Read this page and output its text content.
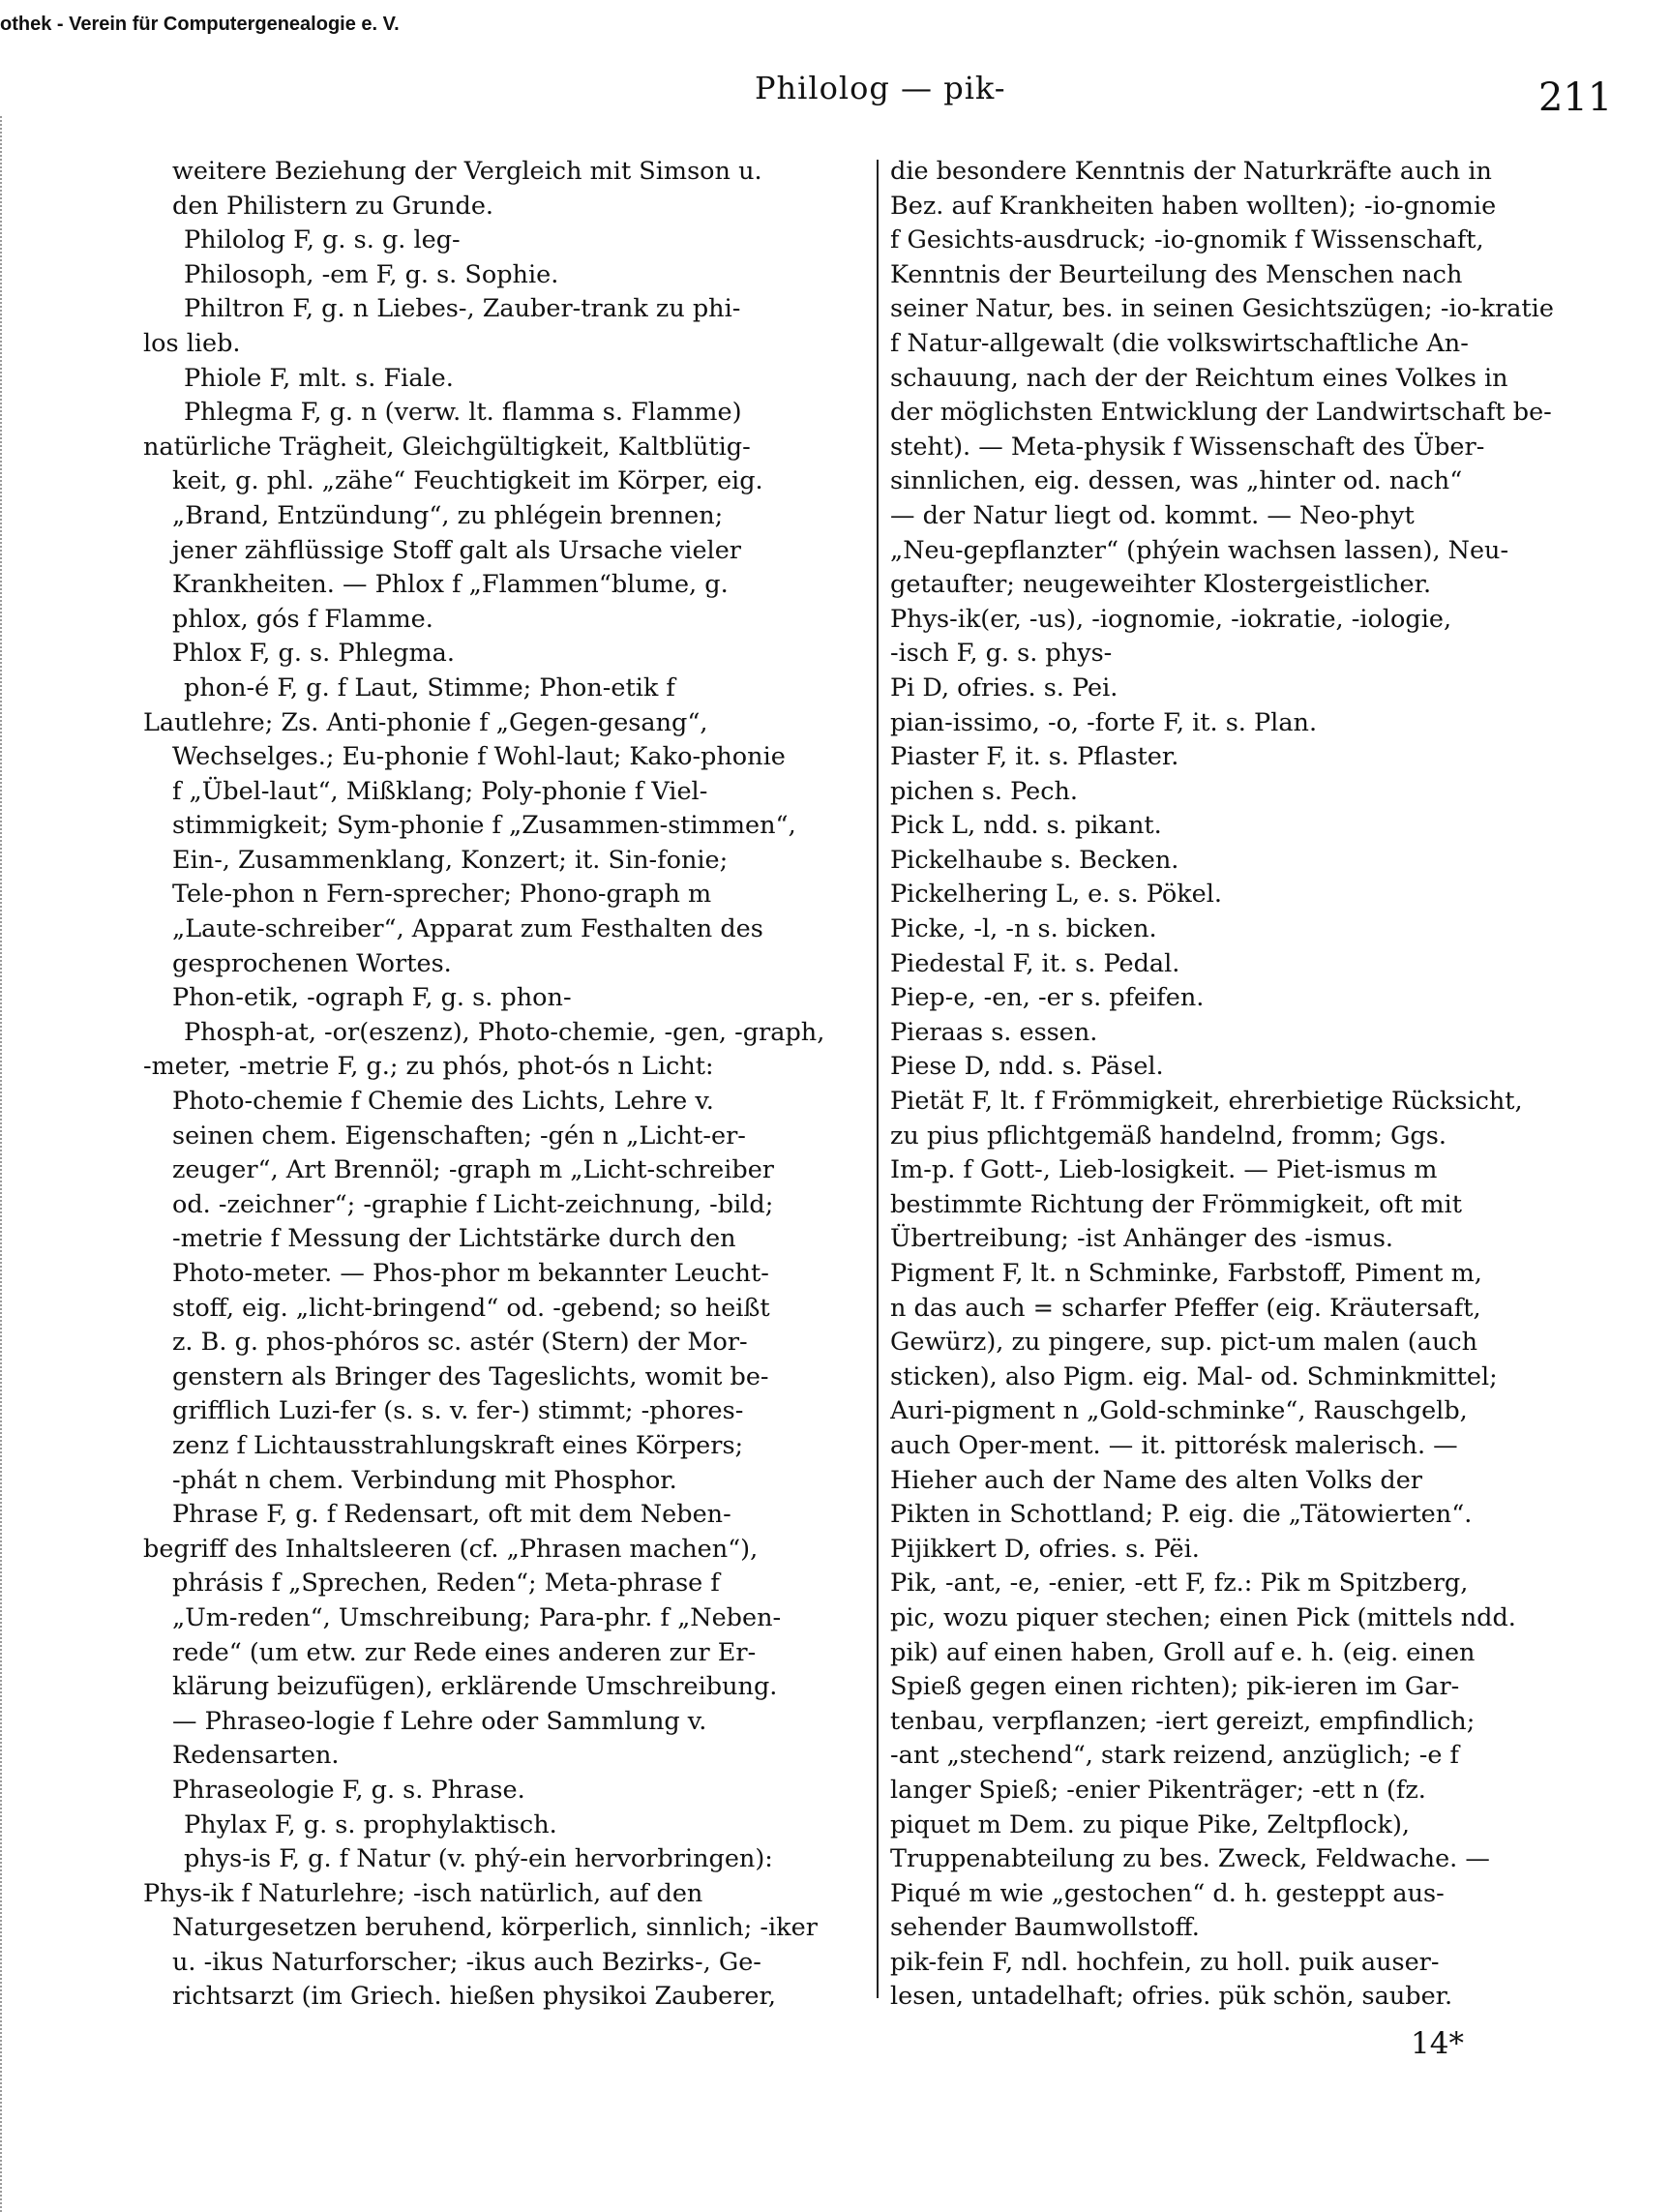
othek - Verein für Computergenealogie e. V.
Philolog — pik-	211
weitere Beziehung der Vergleich mit Simson u.
den Philistern zu Grunde.
Philolog F, g. s. g. leg-
Philosoph, -em F, g. s. Sophie.
Philtron F, g. n Liebes-, Zauber-trank zu phi-
los lieb.
Phiole F, mlt. s. Fiale.
Phlegma F, g. n (verw. lt. flamma s. Flamme)
natürliche Trägheit, Gleichgültigkeit, Kaltblütig-
keit, g. phl. „zähe“ Feuchtigkeit im Körper, eig.
„Brand, Entzündung“, zu phlégein brennen;
jener zähflüssige Stoff galt als Ursache vieler
Krankheiten. — Phlox f „Flammen“blume, g.
phlox, gós f Flamme.
Phlox F, g. s. Phlegma.
phon-é F, g. f Laut, Stimme; Phon-etik f
Lautlehre; Zs. Anti-phonie f „Gegen-gesang“,
Wechselges.; Eu-phonie f Wohl-laut; Kako-phonie
f „Übel-laut“, Mißklang; Poly-phonie f Viel-
stimmigkeit; Sym-phonie f „Zusammen-stimmen“,
Ein-, Zusammenklang, Konzert; it. Sin-fonie;
Tele-phon n Fern-sprecher; Phono-graph m
„Laute-schreiber“, Apparat zum Festhalten des
gesprochenen Wortes.
Phon-etik, -ograph F, g. s. phon-
Phosph-at, -or(eszenz), Photo-chemie, -gen, -graph,
-meter, -metrie F, g.; zu phós, phot-ós n Licht:
Photo-chemie f Chemie des Lichts, Lehre v.
seinen chem. Eigenschaften; -gén n „Licht-er-
zeuger“, Art Brennöl; -graph m „Licht-schreiber
od. -zeichner“; -graphie f Licht-zeichnung, -bild;
-metrie f Messung der Lichtstärke durch den
Photo-meter. — Phos-phor m bekannter Leucht-
stoff, eig. „licht-bringend“ od. -gebend; so heißt
z. B. g. phos-phóros sc. astér (Stern) der Mor-
genstern als Bringer des Tageslichts, womit be-
grifflich Luzi-fer (s. s. v. fer-) stimmt; -phores-
zenz f Lichtausstrahlungskraft eines Körpers;
-phát n chem. Verbindung mit Phosphor.
Phrase F, g. f Redensart, oft mit dem Neben-
begriff des Inhaltsleeren (cf. „Phrasen machen“),
phrásis f „Sprechen, Reden“; Meta-phrase f
„Um-reden“, Umschreibung; Para-phr. f „Neben-
rede“ (um etw. zur Rede eines anderen zur Er-
klärung beizufügen), erklärende Umschreibung.
— Phraseo-logie f Lehre oder Sammlung v.
Redensarten.
Phraseologie F, g. s. Phrase.
Phylax F, g. s. prophylaktisch.
phys-is F, g. f Natur (v. phý-ein hervorbringen):
Phys-ik f Naturlehre; -isch natürlich, auf den
Naturgesetzen beruhend, körperlich, sinnlich; -iker
u. -ikus Naturforscher; -ikus auch Bezirks-, Ge-
richtsarzt (im Griech. hießen physikoi Zauberer,
die besondere Kenntnis der Naturkräfte auch in
Bez. auf Krankheiten haben wollten); -io-gnomie
f Gesichts-ausdruck; -io-gnomik f Wissenschaft,
Kenntnis der Beurteilung des Menschen nach
seiner Natur, bes. in seinen Gesichtszügen; -io-kratie
f Natur-allgewalt (die volkswirtschaftliche An-
schauung, nach der der Reichtum eines Volkes in
der möglichsten Entwicklung der Landwirtschaft be-
steht). — Meta-physik f Wissenschaft des Über-
sinnlichen, eig. dessen, was „hinter od. nach“
— der Natur liegt od. kommt. — Neo-phyt
„Neu-gepflanzter“ (phýein wachsen lassen), Neu-
getaufter; neugeweihter Klostergeistlicher.
Phys-ik(er, -us), -iognomie, -iokratie, -iologie,
-isch F, g. s. phys-
Pi D, ofries. s. Pei.
pian-issimo, -o, -forte F, it. s. Plan.
Piaster F, it. s. Pflaster.
pichen s. Pech.
Pick L, ndd. s. pikant.
Pickelhaube s. Becken.
Pickelhering L, e. s. Pökel.
Picke, -l, -n s. bicken.
Piedestal F, it. s. Pedal.
Piep-e, -en, -er s. pfeifen.
Pieraas s. essen.
Piese D, ndd. s. Päsel.
Pietät F, lt. f Frömmigkeit, ehrerbietige Rücksicht,
zu pius pflichtgemäß handelnd, fromm; Ggs.
Im-p. f Gott-, Lieb-losigkeit. — Piet-ismus m
bestimmte Richtung der Frömmigkeit, oft mit
Übertreibung; -ist Anhänger des -ismus.
Pigment F, lt. n Schminke, Farbstoff, Piment m,
n das auch = scharfer Pfeffer (eig. Kräutersaft,
Gewürz), zu pingere, sup. pict-um malen (auch
sticken), also Pigm. eig. Mal- od. Schminkmittel;
Auri-pigment n „Gold-schminke“, Rauschgelb,
auch Oper-ment. — it. pittorésk malerisch. —
Hieher auch der Name des alten Volks der
Pikten in Schottland; P. eig. die „Tätowierten“.
Pijikkert D, ofries. s. Pëi.
Pik, -ant, -e, -enier, -ett F, fz.: Pik m Spitzberg,
pic, wozu piquer stechen; einen Pick (mittels ndd.
pik) auf einen haben, Groll auf e. h. (eig. einen
Spieß gegen einen richten); pik-ieren im Gar-
tenbau, verpflanzen; -iert gereizt, empfindlich;
-ant „stechend“, stark reizend, anzüglich; -e f
langer Spieß; -enier Pikenträger; -ett n (fz.
piquet m Dem. zu pique Pike, Zeltpflock),
Truppenabteilung zu bes. Zweck, Feldwache. —
Piqué m wie „gestochen“ d. h. gesteppt aus-
sehender Baumwollstoff.
pik-fein F, ndl. hochfein, zu holl. puik auser-
lesen, untadelhaft; ofries. pük schön, sauber.
14*
